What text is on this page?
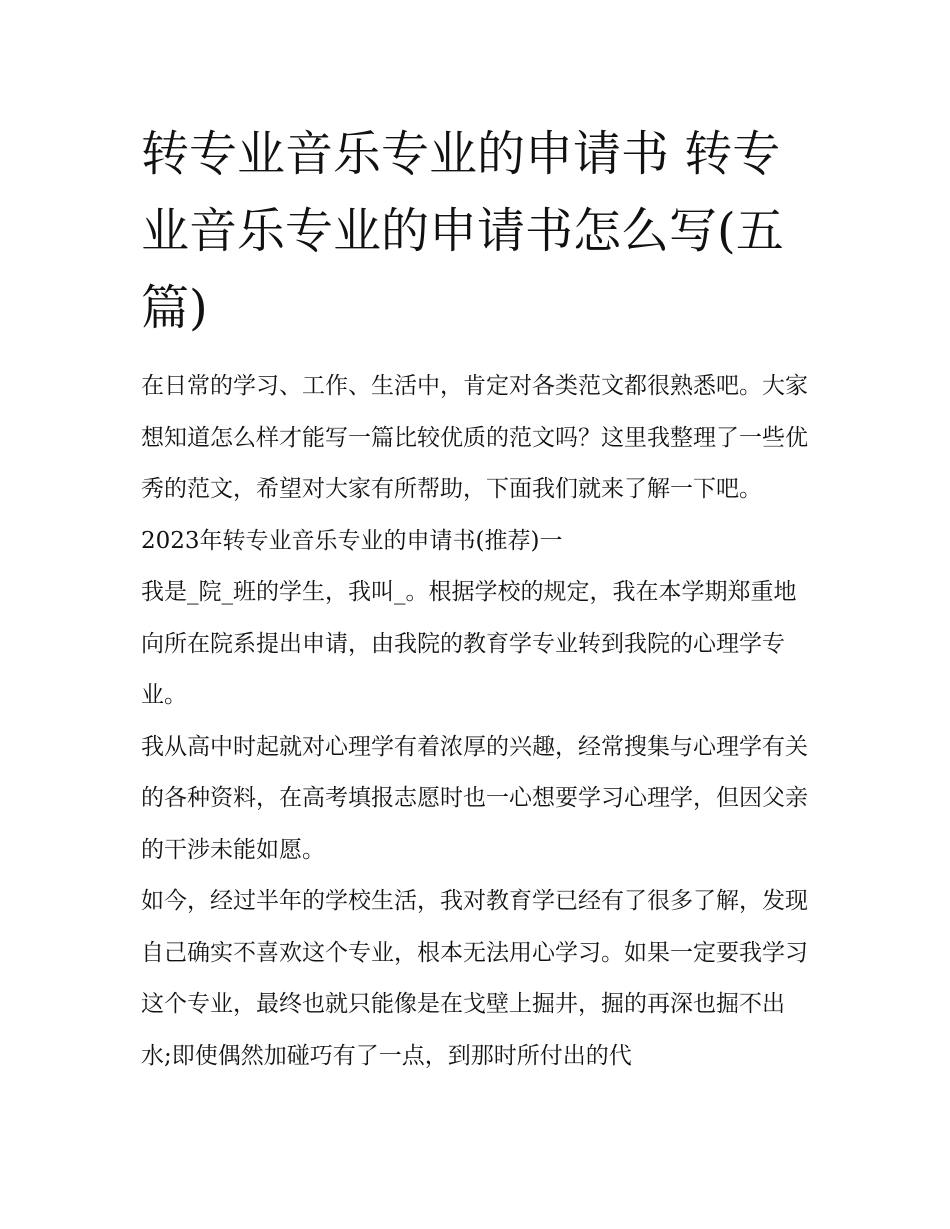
转专业音乐专业的申请书 转专业音乐专业的申请书怎么写(五篇)

在日常的学习、工作、生活中，肯定对各类范文都很熟悉吧。大家想知道怎么样才能写一篇比较优质的范文吗？这里我整理了一些优秀的范文，希望对大家有所帮助，下面我们就来了解一下吧。

2023年转专业音乐专业的申请书(推荐)一

我是_院_班的学生，我叫_。根据学校的规定，我在本学期郑重地向所在院系提出申请，由我院的教育学专业转到我院的心理学专业。

我从高中时起就对心理学有着浓厚的兴趣，经常搜集与心理学有关的各种资料，在高考填报志愿时也一心想要学习心理学，但因父亲的干涉未能如愿。

如今，经过半年的学校生活，我对教育学已经有了很多了解，发现自己确实不喜欢这个专业，根本无法用心学习。如果一定要我学习这个专业，最终也就只能像是在戈壁上掘井，掘的再深也掘不出水;即使偶然加碰巧有了一点，到那时所付出的代
